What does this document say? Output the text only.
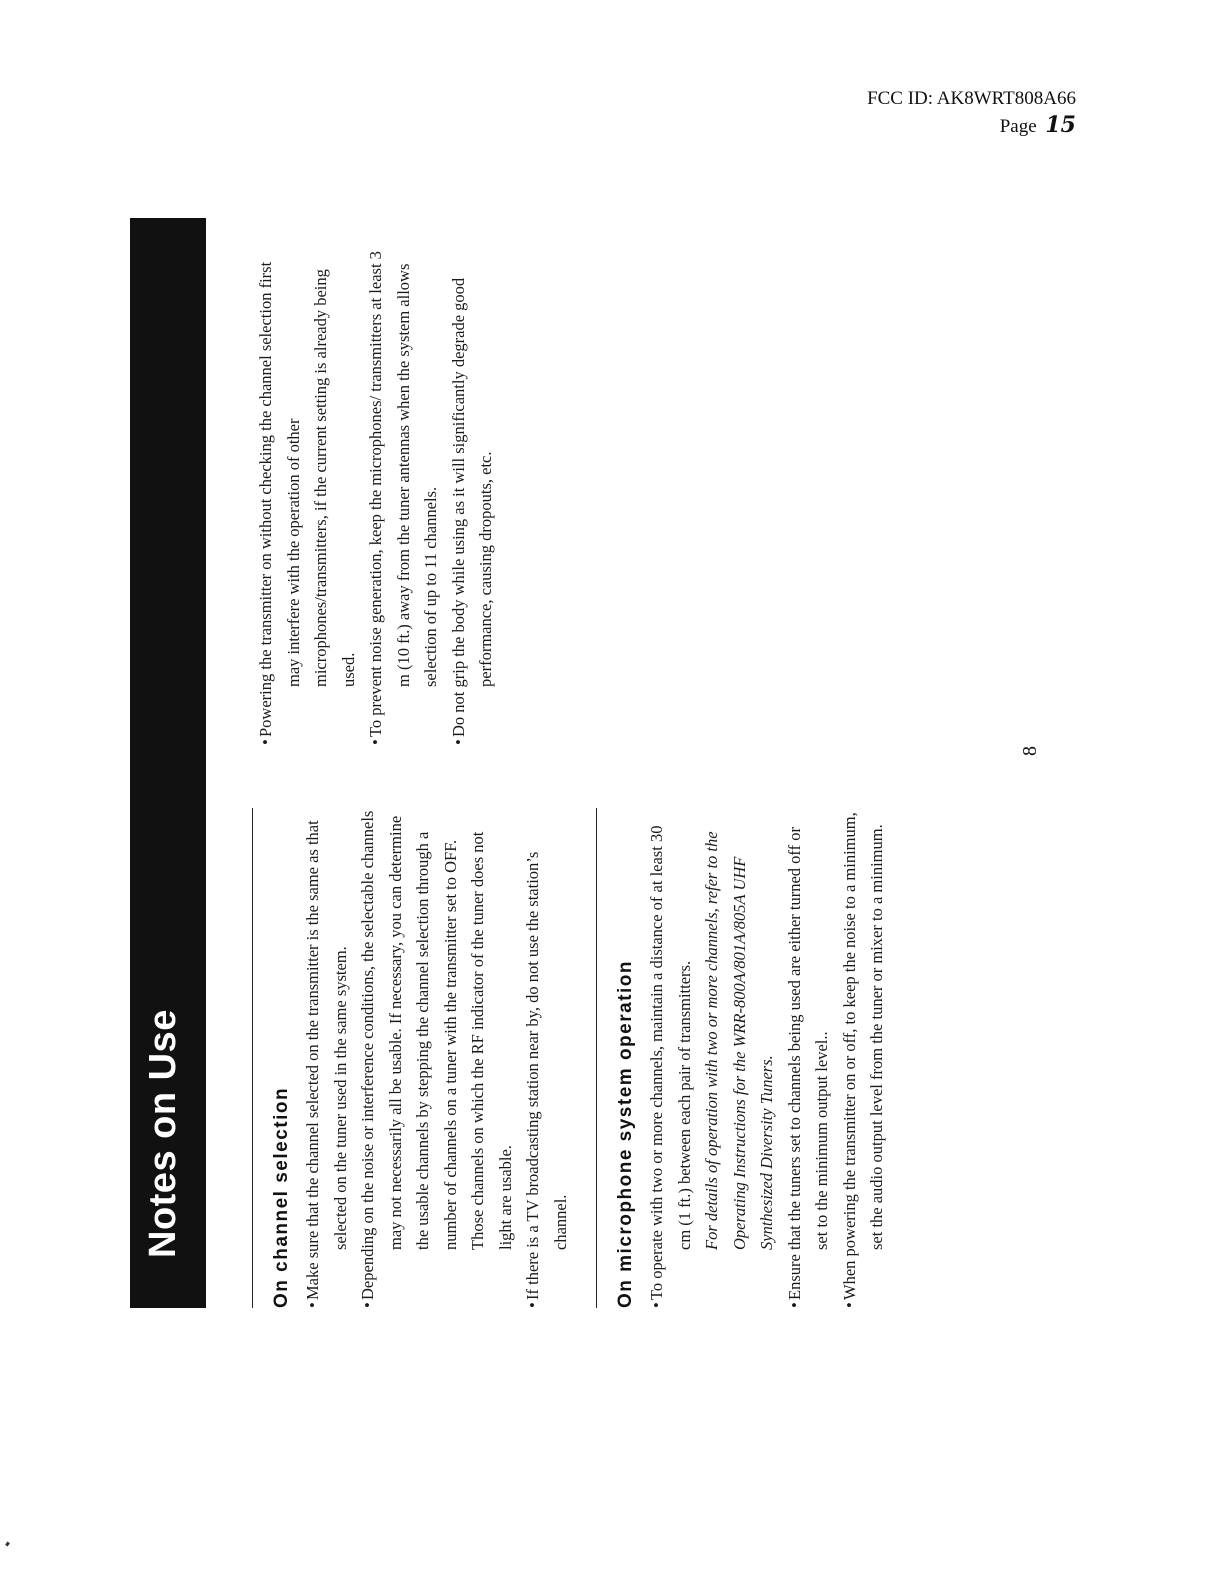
FCC ID: AK8WRT808A66
Page 15
Notes on Use	On channel selection •Make sure that the channel selected on the transmitter is the same as that selected on the tuner used in the same system.

•Depending on the noise or interference conditions, the selectable channels may not necessarily all be usable. If necessary, you can determine the usable channels by stepping the channel selection through a number of channels on a tuner with the transmitter set to OFF. Those channels on which the RF indicator of the tuner does not light are usable.

•If there is a TV broadcasting station near by, do not use the station’s channel.	On microphone system operation •To operate with two or more channels, maintain a distance of at least 30 cm (1 ft.) between each pair of transmitters. For details of operation with two or more channels, refer to the Operating Instructions for the WRR-800A/801A/805A UHF Synthesized Diversity Tuners.

•Ensure that the tuners set to channels being used are either turned off or set to the minimum output level..

•When powering the transmitter on or off, to keep the noise to a minimum, set the audio output level from the tuner or mixer to a minimum.

•Powering the transmitter on without checking the channel selection first may interfere with the operation of other microphones/transmitters, if the current setting is already being used.

•To prevent noise generation, keep the microphones/ transmitters at least 3 m (10 ft.) away from the tuner antennas when the system allows selection of up to 11 channels.

•Do not grip the body while using as it will significantly degrade good performance, causing dropouts, etc.

8
